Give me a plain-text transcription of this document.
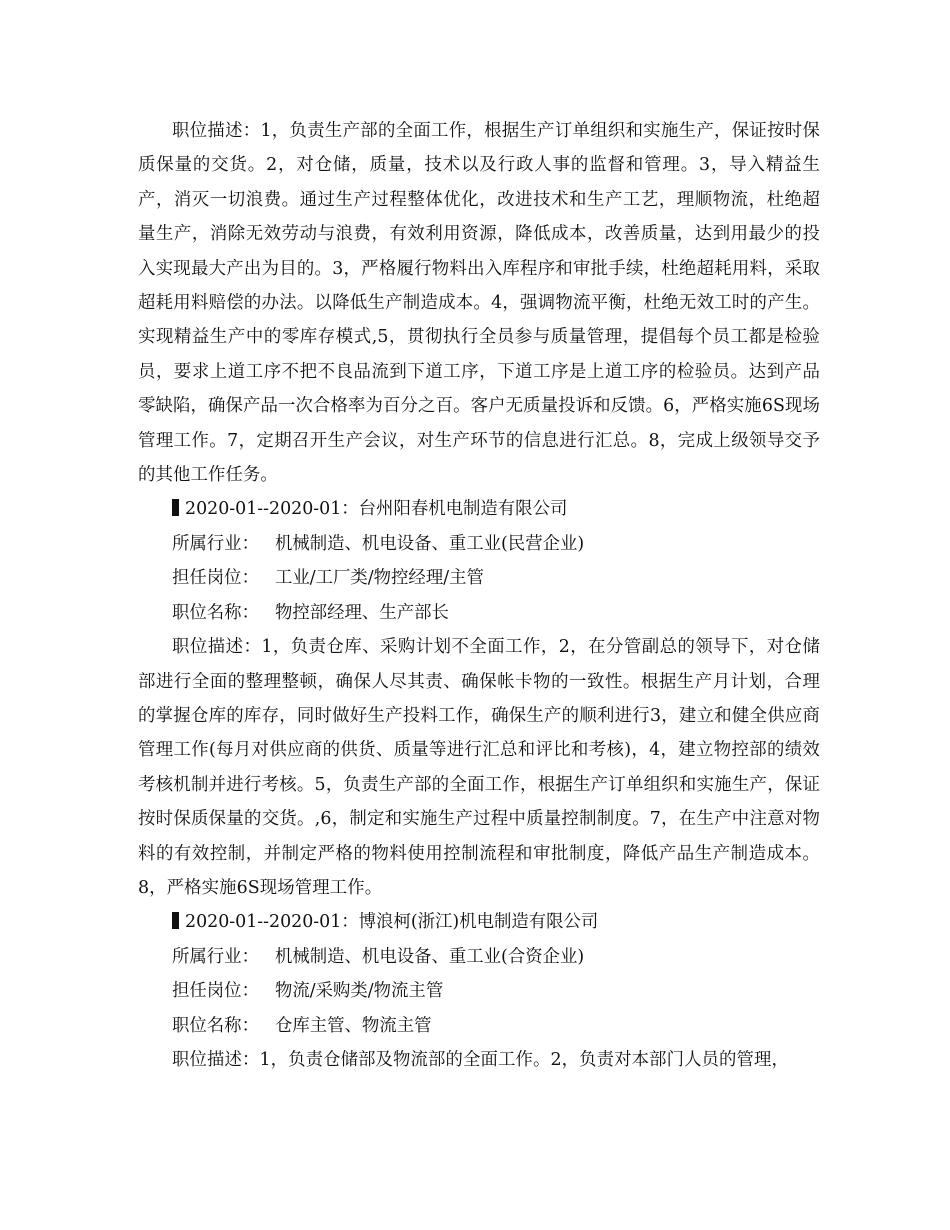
职位描述：1，负责生产部的全面工作，根据生产订单组织和实施生产，保证按时保质保量的交货。2，对仓储，质量，技术以及行政人事的监督和管理。3，导入精益生产，消灭一切浪费。通过生产过程整体优化，改进技术和生产工艺，理顺物流，杜绝超量生产，消除无效劳动与浪费，有效利用资源，降低成本，改善质量，达到用最少的投入实现最大产出为目的。3，严格履行物料出入库程序和审批手续，杜绝超耗用料，采取超耗用料赔偿的办法。以降低生产制造成本。4，强调物流平衡，杜绝无效工时的产生。实现精益生产中的零库存模式,5，贯彻执行全员参与质量管理，提倡每个员工都是检验员，要求上道工序不把不良品流到下道工序，下道工序是上道工序的检验员。达到产品零缺陷，确保产品一次合格率为百分之百。客户无质量投诉和反馈。6，严格实施6S现场管理工作。7，定期召开生产会议，对生产环节的信息进行汇总。8，完成上级领导交予的其他工作任务。

2020-01--2020-01：台州阳春机电制造有限公司

所属行业： 机械制造、机电设备、重工业(民营企业)

担任岗位： 工业/工厂类/物控经理/主管

职位名称： 物控部经理、生产部长

职位描述：1，负责仓库、采购计划不全面工作，2，在分管副总的领导下，对仓储部进行全面的整理整顿，确保人尽其责、确保帐卡物的一致性。根据生产月计划，合理的掌握仓库的库存，同时做好生产投料工作，确保生产的顺利进行3，建立和健全供应商管理工作(每月对供应商的供货、质量等进行汇总和评比和考核)，4，建立物控部的绩效考核机制并进行考核。5，负责生产部的全面工作，根据生产订单组织和实施生产，保证按时保质保量的交货。,6，制定和实施生产过程中质量控制制度。7，在生产中注意对物料的有效控制，并制定严格的物料使用控制流程和审批制度，降低产品生产制造成本。8，严格实施6S现场管理工作。

2020-01--2020-01：博浪柯(浙江)机电制造有限公司

所属行业： 机械制造、机电设备、重工业(合资企业)

担任岗位： 物流/采购类/物流主管

职位名称： 仓库主管、物流主管

职位描述：1，负责仓储部及物流部的全面工作。2，负责对本部门人员的管理，
